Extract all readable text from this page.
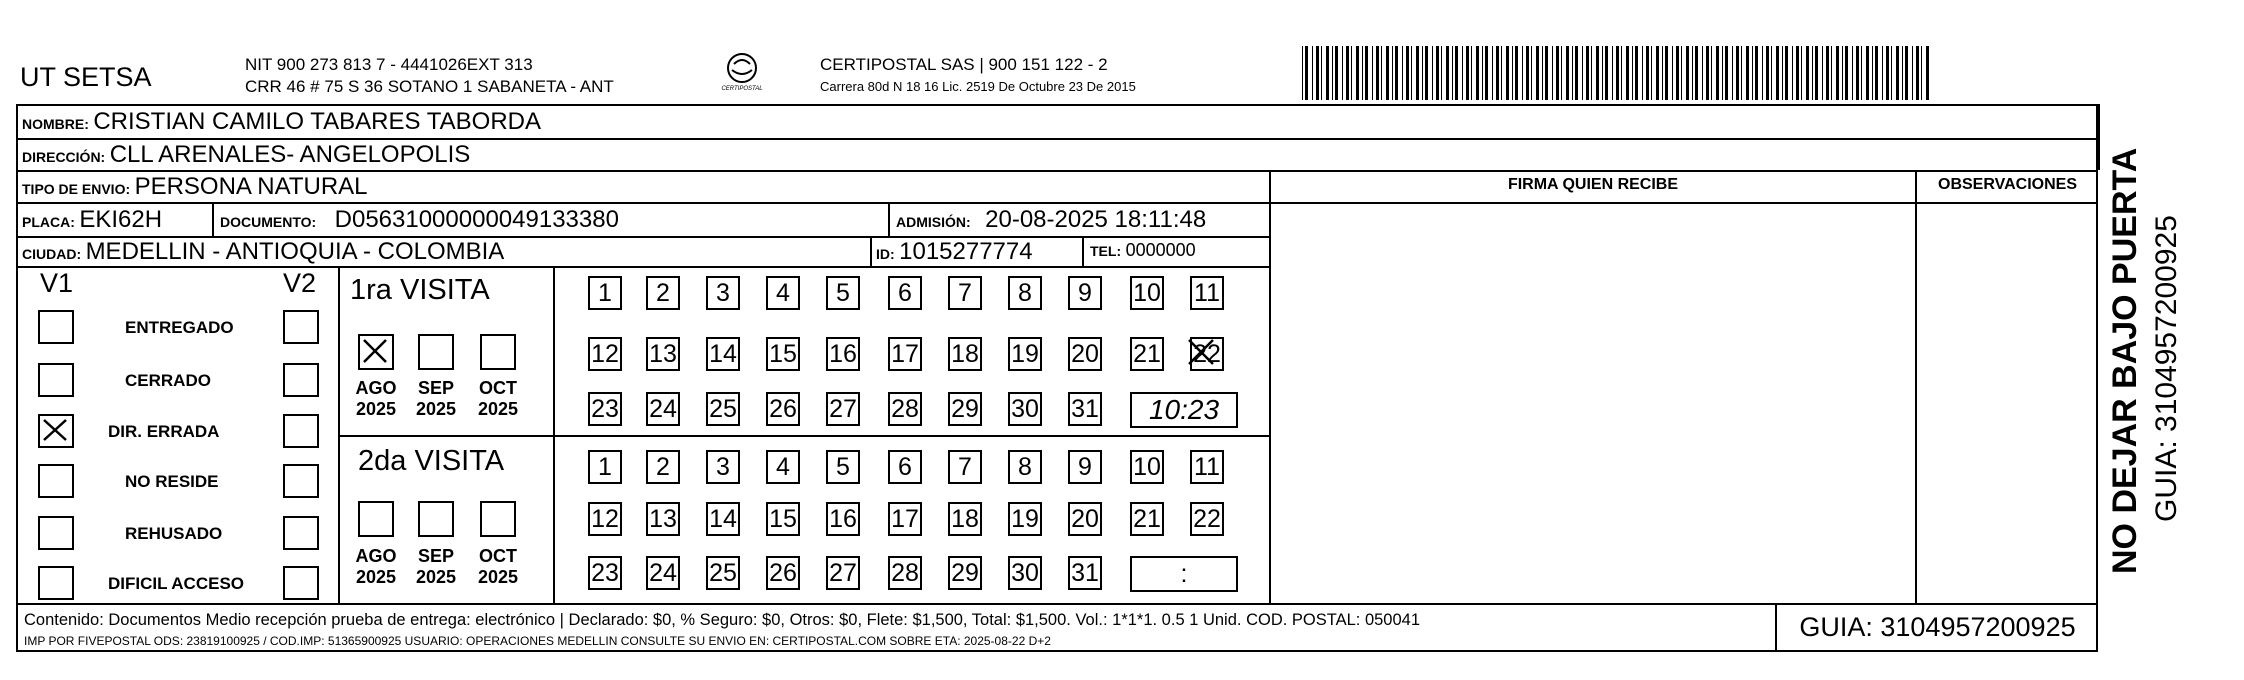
UT SETSA	NIT 900 273 813 7 - 4441026EXT 313
CRR 46 # 75 S 36 SOTANO 1 SABANETA - ANT	CERTIPOSTAL
CERTIPOSTAL SAS | 900 151 122 - 2
Carrera 80d N 18 16 Lic. 2519 De Octubre 23 De 2015
NOMBRE: CRISTIAN CAMILO TABARES TABORDA
DIRECCIÓN: CLL ARENALES- ANGELOPOLIS
TIPO DE ENVIO: PERSONA NATURAL	FIRMA QUIEN RECIBE	OBSERVACIONES
PLACA: EKI62H	DOCUMENTO: D05631000000049133380	ADMISIÓN: 20-08-2025 18:11:48
CIUDAD: MEDELLIN - ANTIOQUIA - COLOMBIA	ID: 1015277774	TEL: 0000000
V1	V2
ENTREGADO
CERRADO
DIR. ERRADA
NO RESIDE
REHUSADO
DIFICIL ACCESO
1ra VISITA
2da VISITA
AGO
2025
SEP
2025
OCT
2025
1	2	3	4	5	6	7	8	9	10 11
12 13 14 15 16 17 18 19 20 21 22
23 24 25 26 27 28 29 30 31	10:23
AGO
2025
SEP
2025
OCT
2025
1	2	3	4	5	6	7	8	9	10 11
12 13 14 15 16 17 18 19 20 21 22
23 24 25 26 27 28 29 30 31	:
Contenido: Documentos Medio recepción prueba de entrega: electrónico | Declarado: $0, % Seguro: $0, Otros: $0, Flete: $1,500, Total: $1,500. Vol.: 1*1*1. 0.5 1 Unid. COD. POSTAL: 050041
IMP POR FIVEPOSTAL ODS: 23819100925 / COD.IMP: 51365900925 USUARIO: OPERACIONES MEDELLIN CONSULTE SU ENVIO EN: CERTIPOSTAL.COM SOBRE ETA: 2025-08-22 D+2	GUIA: 3104957200925
NO DEJAR BAJO PUERTA GUIA: 3104957200925
